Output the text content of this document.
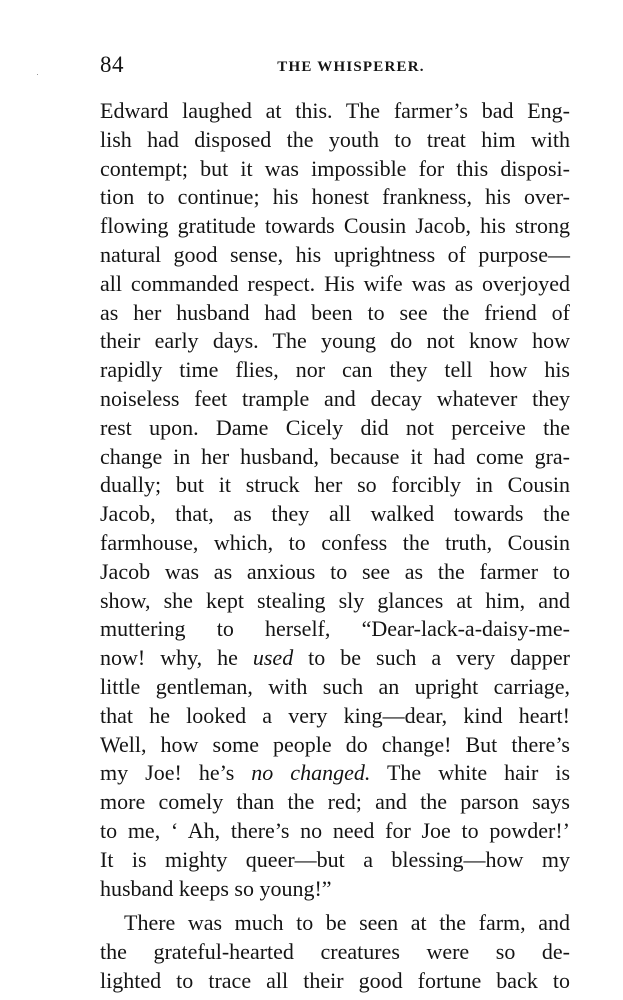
84	THE WHISPERER.
Edward laughed at this. The farmer’s bad Eng-
lish had disposed the youth to treat him with
contempt; but it was impossible for this disposi-
tion to continue; his honest frankness, his over-
flowing gratitude towards Cousin Jacob, his strong
natural good sense, his uprightness of purpose—
all commanded respect. His wife was as overjoyed
as her husband had been to see the friend of
their early days. The young do not know how
rapidly time flies, nor can they tell how his
noiseless feet trample and decay whatever they
rest upon. Dame Cicely did not perceive the
change in her husband, because it had come gra-
dually; but it struck her so forcibly in Cousin
Jacob, that, as they all walked towards the
farmhouse, which, to confess the truth, Cousin
Jacob was as anxious to see as the farmer to
show, she kept stealing sly glances at him, and
muttering to herself, “Dear-lack-a-daisy-me-
now! why, he used to be such a very dapper
little gentleman, with such an upright carriage,
that he looked a very king—dear, kind heart!
Well, how some people do change! But there’s
my Joe! he’s no changed. The white hair is
more comely than the red; and the parson says
to me, ‘ Ah, there’s no need for Joe to powder!’
It is mighty queer—but a blessing—how my
husband keeps so young!”
There was much to be seen at the farm, and
the grateful-hearted creatures were so de-
lighted to trace all their good fortune back to
